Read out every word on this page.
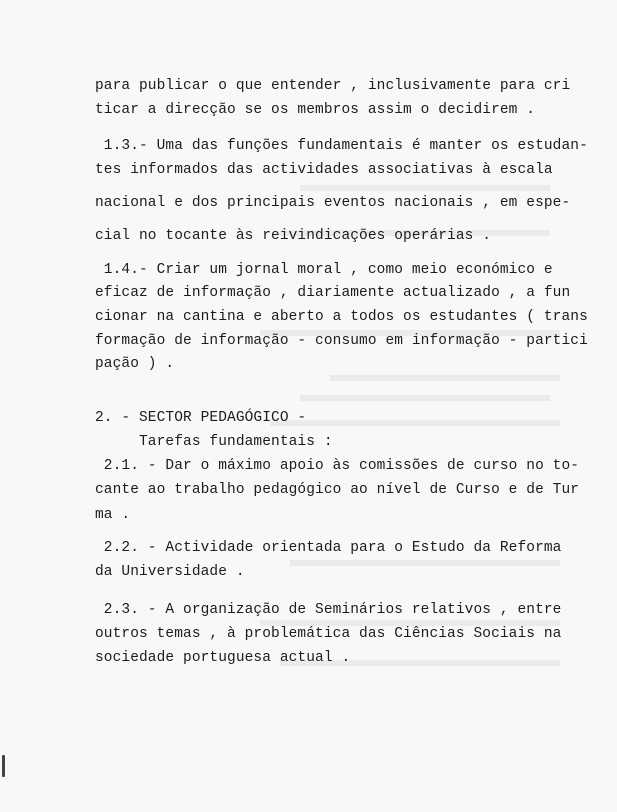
para publicar o que entender , inclusivamente para cri
ticar a direcção se os membros assim o decidirem .
1.3.- Uma das funções fundamentais é manter os estudan-
tes informados das actividades associativas à escala
nacional e dos principais eventos nacionais , em espe-
cial no tocante às reivindicações operárias .
1.4.- Criar um jornal moral , como meio económico e
eficaz de informação , diariamente actualizado , a fun
cionar na cantina e aberto a todos os estudantes ( trans
formação de informação - consumo em informação - partici
pação ) .
2. - SECTOR PEDAGÓGICO -
Tarefas fundamentais :
2.1. - Dar o máximo apoio às comissões de curso no to-
cante ao trabalho pedagógico ao nível de Curso e de Tur
ma .
2.2. - Actividade orientada para o Estudo da Reforma
da Universidade .
2.3. - A organização de Seminários relativos , entre
outros temas , à problemática das Ciências Sociais na
sociedade portuguesa actual .
